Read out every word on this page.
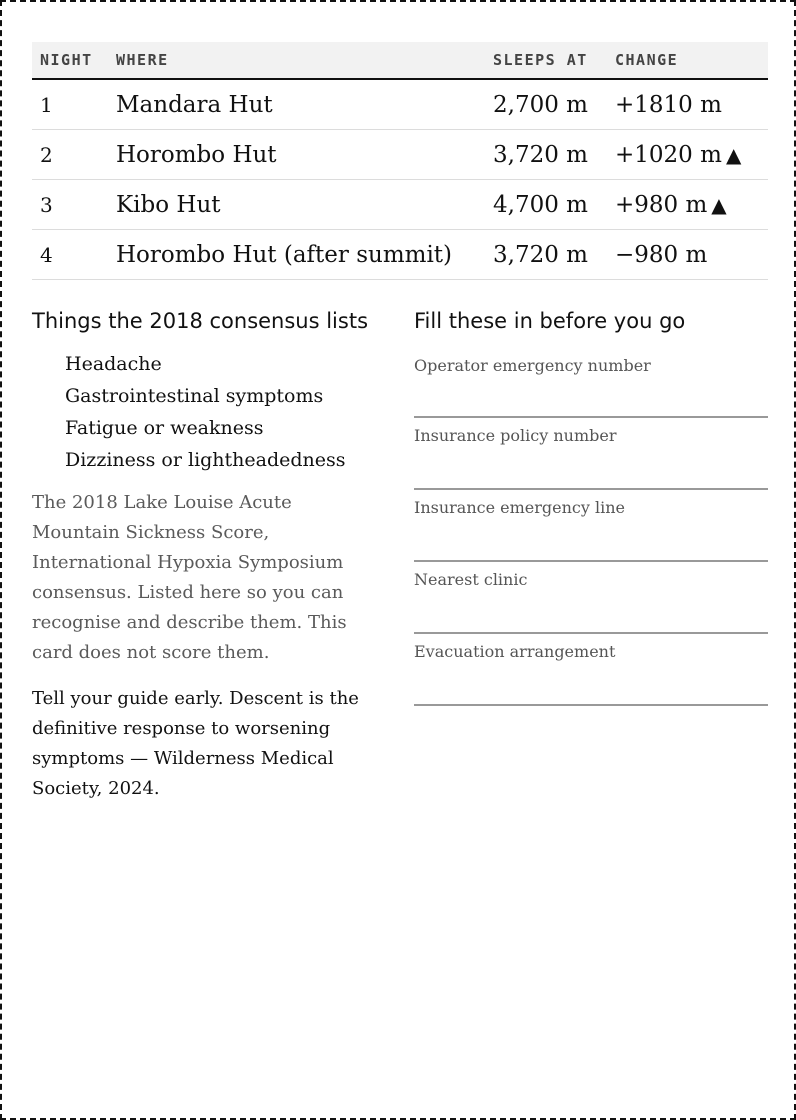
NIGHT	WHERE	SLEEPS AT	CHANGE
1	Mandara Hut	2,700 m	+1810 m
2	Horombo Hut	3,720 m	+1020 m ▲
3	Kibo Hut	4,700 m	+980 m ▲
4	Horombo Hut (after summit)	3,720 m	−980 m
Things the 2018 consensus lists
Headache
Gastrointestinal symptoms
Fatigue or weakness
Dizziness or lightheadedness

The 2018 Lake Louise Acute Mountain Sickness Score, International Hypoxia Symposium consensus. Listed here so you can recognise and describe them. This card does not score them.

Tell your guide early. Descent is the definitive response to worsening symptoms — Wilderness Medical Society, 2024.

Fill these in before you go
Operator emergency number
Insurance policy number
Insurance emergency line
Nearest clinic
Evacuation arrangement
